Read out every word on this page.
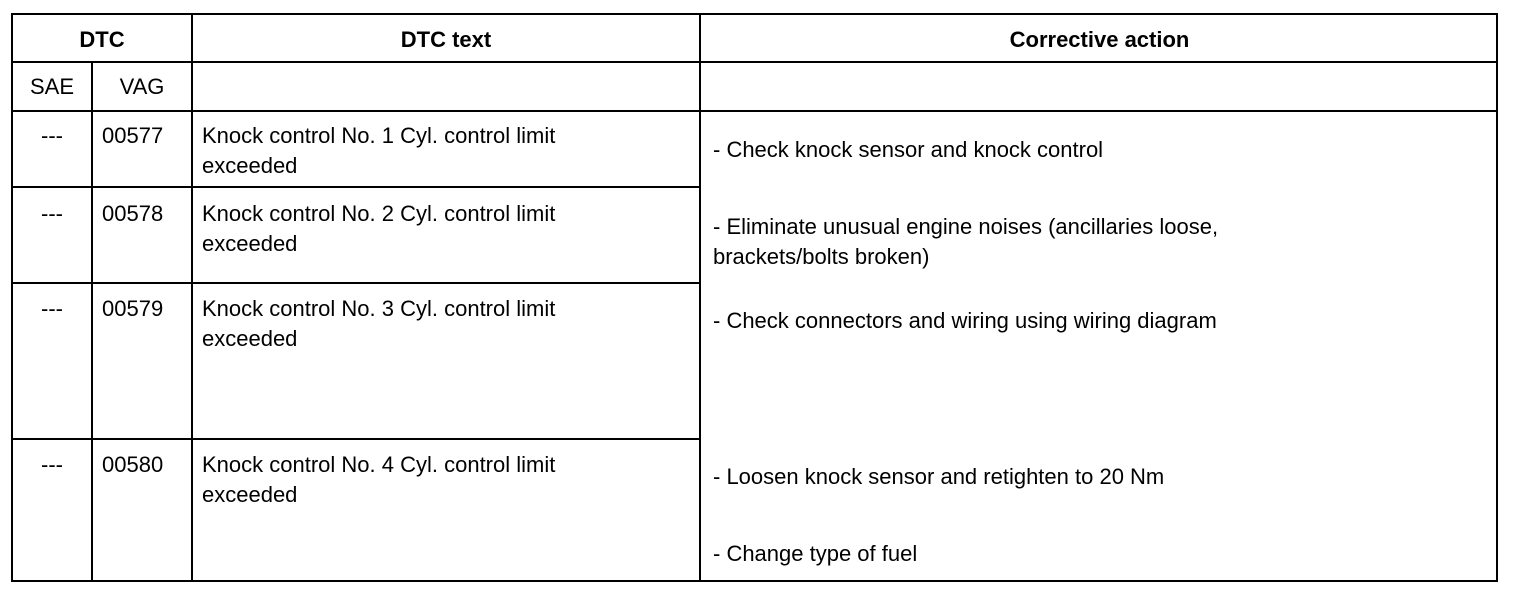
DTC	DTC text	Corrective action
SAE	VAG
---	00577 Knock control No. 1 Cyl. control limit
exceeded
---	00578 Knock control No. 2 Cyl. control limit
exceeded
---	00579 Knock control No. 3 Cyl. control limit
exceeded
---	00580 Knock control No. 4 Cyl. control limit
exceeded
- Check knock sensor and knock control
- Eliminate unusual engine noises (ancillaries loose,
brackets/bolts broken)
- Check connectors and wiring using wiring diagram
- Loosen knock sensor and retighten to 20 Nm
- Change type of fuel
